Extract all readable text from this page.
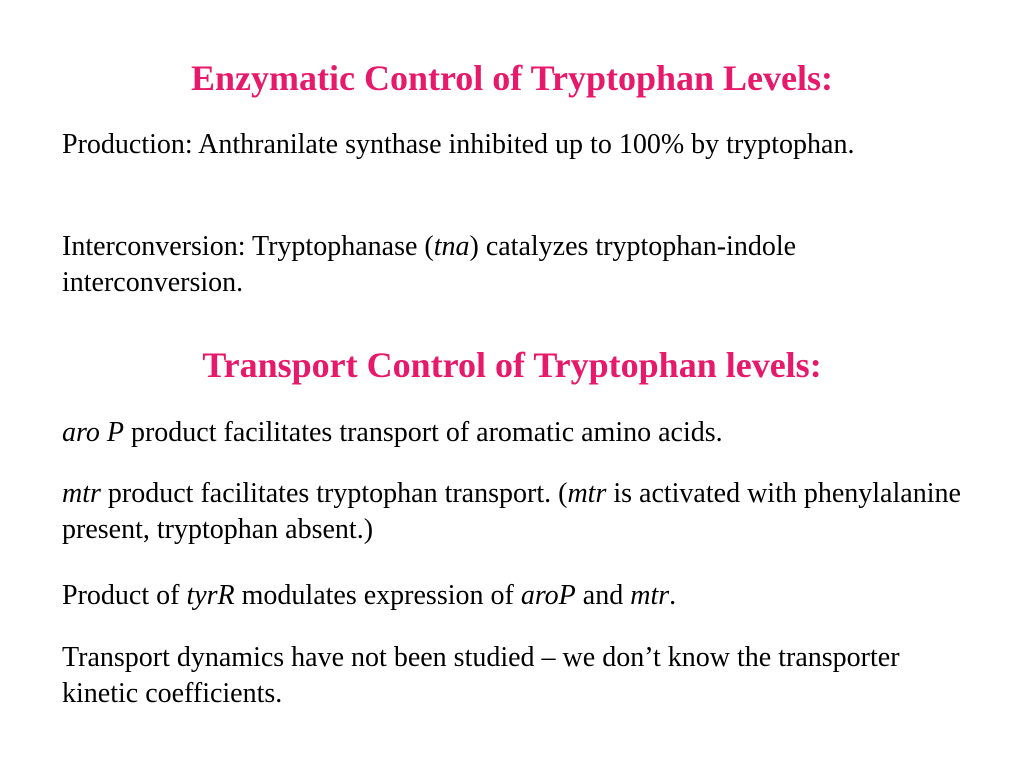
Enzymatic Control of Tryptophan Levels:

Production: Anthranilate synthase inhibited up to 100% by tryptophan.

Interconversion: Tryptophanase (tna) catalyzes tryptophan-indole interconversion.

Transport Control of Tryptophan levels:

aro P product facilitates transport of aromatic amino acids.

mtr product facilitates tryptophan transport. (mtr is activated with phenylalanine present, tryptophan absent.)

Product of tyrR modulates expression of aroP and mtr.

Transport dynamics have not been studied – we don’t know the transporter kinetic coefficients.
